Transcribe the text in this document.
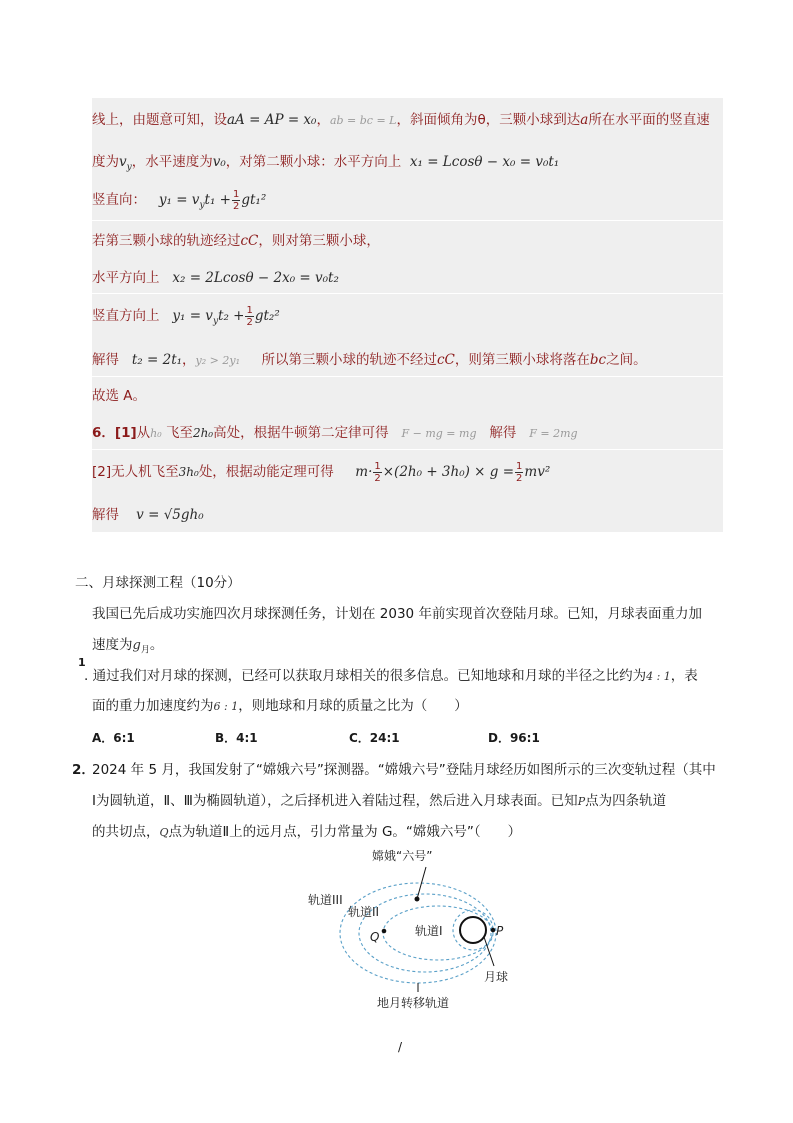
线上，由题意可知，设aA = AP = x₀，ab = bc = L，斜面倾角为θ，三颗小球到达a所在水平面的竖直速
度为$v_y$，水平速度为v₀，对第二颗小球：水平方向上 x₁ = Lcosθ − x₀ = v₀t₁
竖直向： $y_1 = v_yt_1 + \frac{1}{2} gt_1^2$
若第三颗小球的轨迹经过cC，则对第三颗小球，
水平方向上 x₂ = 2Lcosθ − 2x₀ = v₀t₂
竖直方向上 $y_1 = v_yt_2 + \frac{1}{2} gt_2^2$
解得 t₂ = 2t₁，y₂ > 2y₁ 所以第三颗小球的轨迹不经过cC，则第三颗小球将落在bc之间。
故选 A。
6．[1]从h₀ 飞至2h₀高处，根据牛顿第二定律可得 F − mg = mg 解得 F = 2mg
[2]无人机飞至3h₀处，根据动能定理可得 $m\cdot \frac{1}{2} \times(2h_0 + 3h_0) \times g = \frac{1}{2} mv^2$
解得 v = √5gh₀
二、月球探测工程（10分）
我国已先后成功实施四次月球探测任务，计划在 2030 年前实现首次登陆月球。已知，月球表面重力加
速度为$g_月$。
1
. 通过我们对月球的探测，已经可以获取月球相关的很多信息。已知地球和月球的半径之比约为4 : 1，表
面的重力加速度约为6 : 1，则地球和月球的质量之比为（　　）
A．6:1	B．4:1	C．24:1	D．96:1
2．
2024 年 5 月，我国发射了“嫦娥六号”探测器。“嫦娥六号”登陆月球经历如图所示的三次变轨过程（其中
Ⅰ为圆轨道，Ⅱ、Ⅲ为椭圆轨道），之后择机进入着陆过程，然后进入月球表面。已知P点为四条轨道
的共切点，Q点为轨道Ⅱ上的远月点，引力常量为 G。“嫦娥六号”（　　）
嫦娥“六号”
轨道III
轨道II
轨道I
Q	P
月球
地月转移轨道
/
